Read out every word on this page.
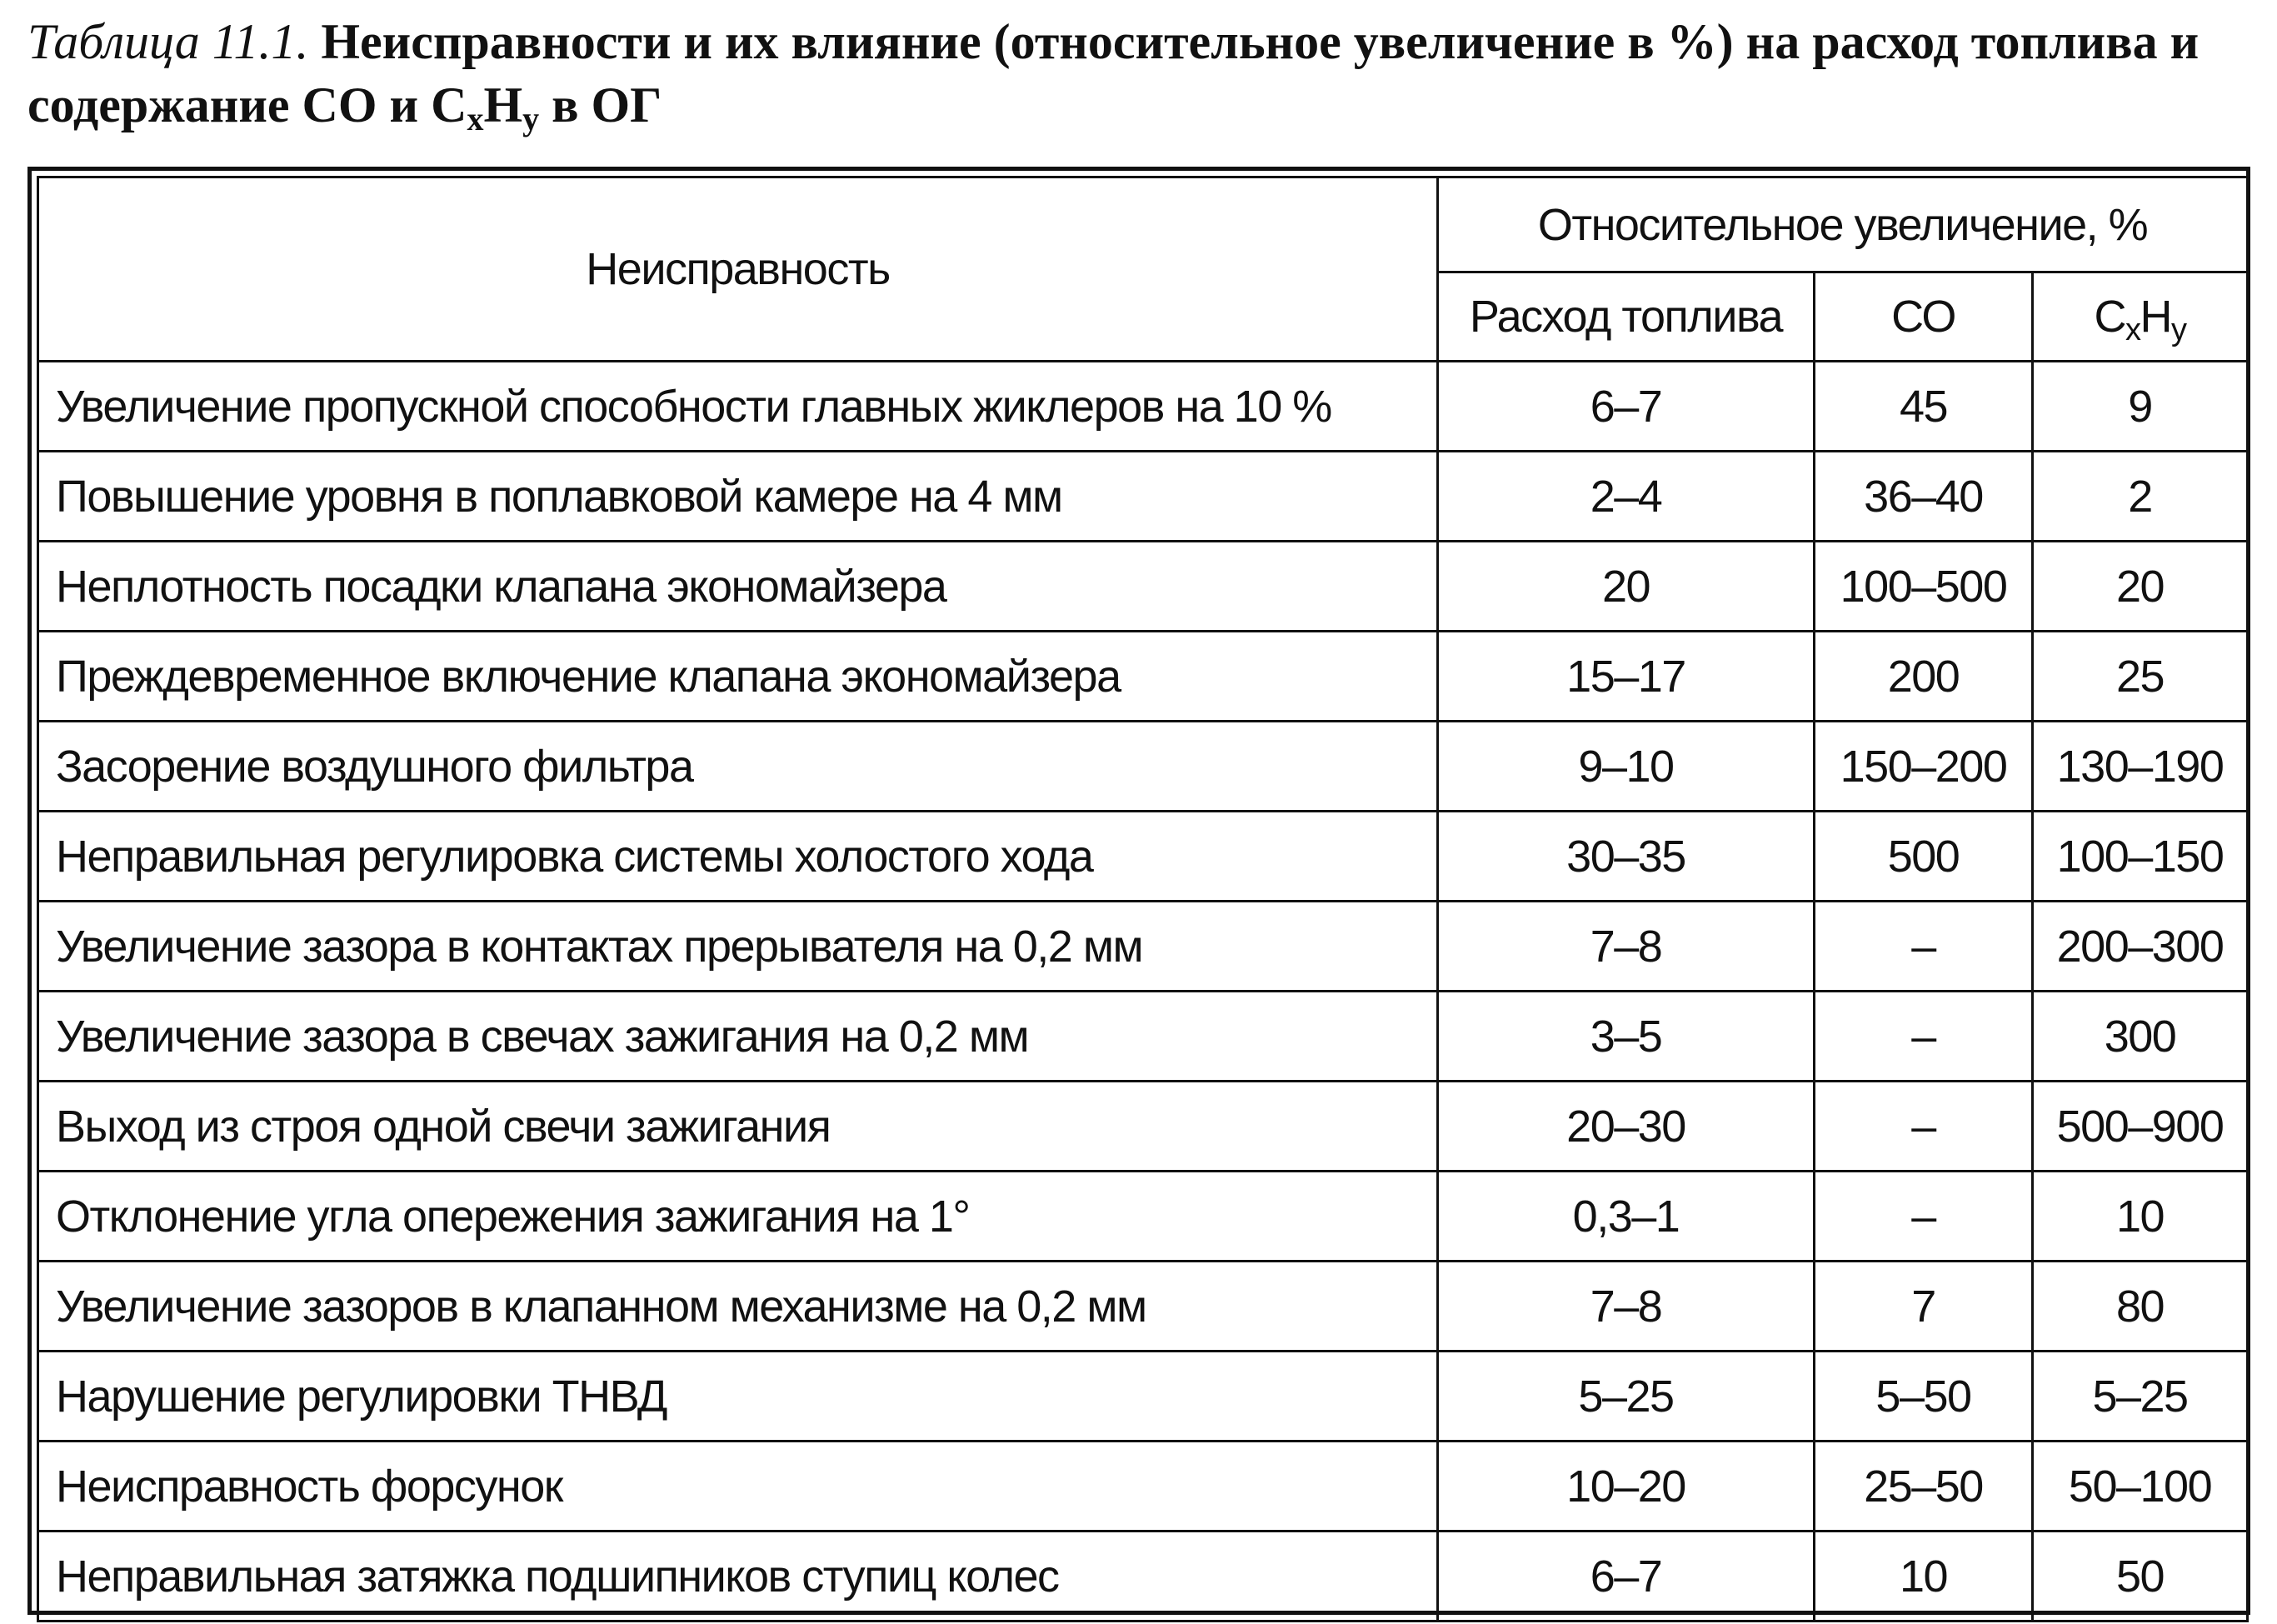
Таблица 11.1. Неисправности и их влияние (относительное увеличение в %) на расход топлива и содержание СО и $С_хН_у$ в ОГ
Неисправность	Относительное увеличение, %		
	Расход топлива	СО	СхНу
Увеличение пропускной способности главных жиклеров на 10 %	6–7	45	9
Повышение уровня в поплавковой камере на 4 мм	2–4	36–40	2
Неплотность посадки клапана экономайзера	20	100–500	20
Преждевременное включение клапана экономайзера	15–17	200	25
Засорение воздушного фильтра	9–10	150–200	130–190
Неправильная регулировка системы холостого хода	30–35	500	100–150
Увеличение зазора в контактах прерывателя на 0,2 мм	7–8	–	200–300
Увеличение зазора в свечах зажигания на 0,2 мм	3–5	–	300
Выход из строя одной свечи зажигания	20–30	–	500–900
Отклонение угла опережения зажигания на 1°	0,3–1	–	10
Увеличение зазоров в клапанном механизме на 0,2 мм	7–8	7	80
Нарушение регулировки ТНВД	5–25	5–50	5–25
Неисправность форсунок	10–20	25–50	50–100
Неправильная затяжка подшипников ступиц колес	6–7	10	50
